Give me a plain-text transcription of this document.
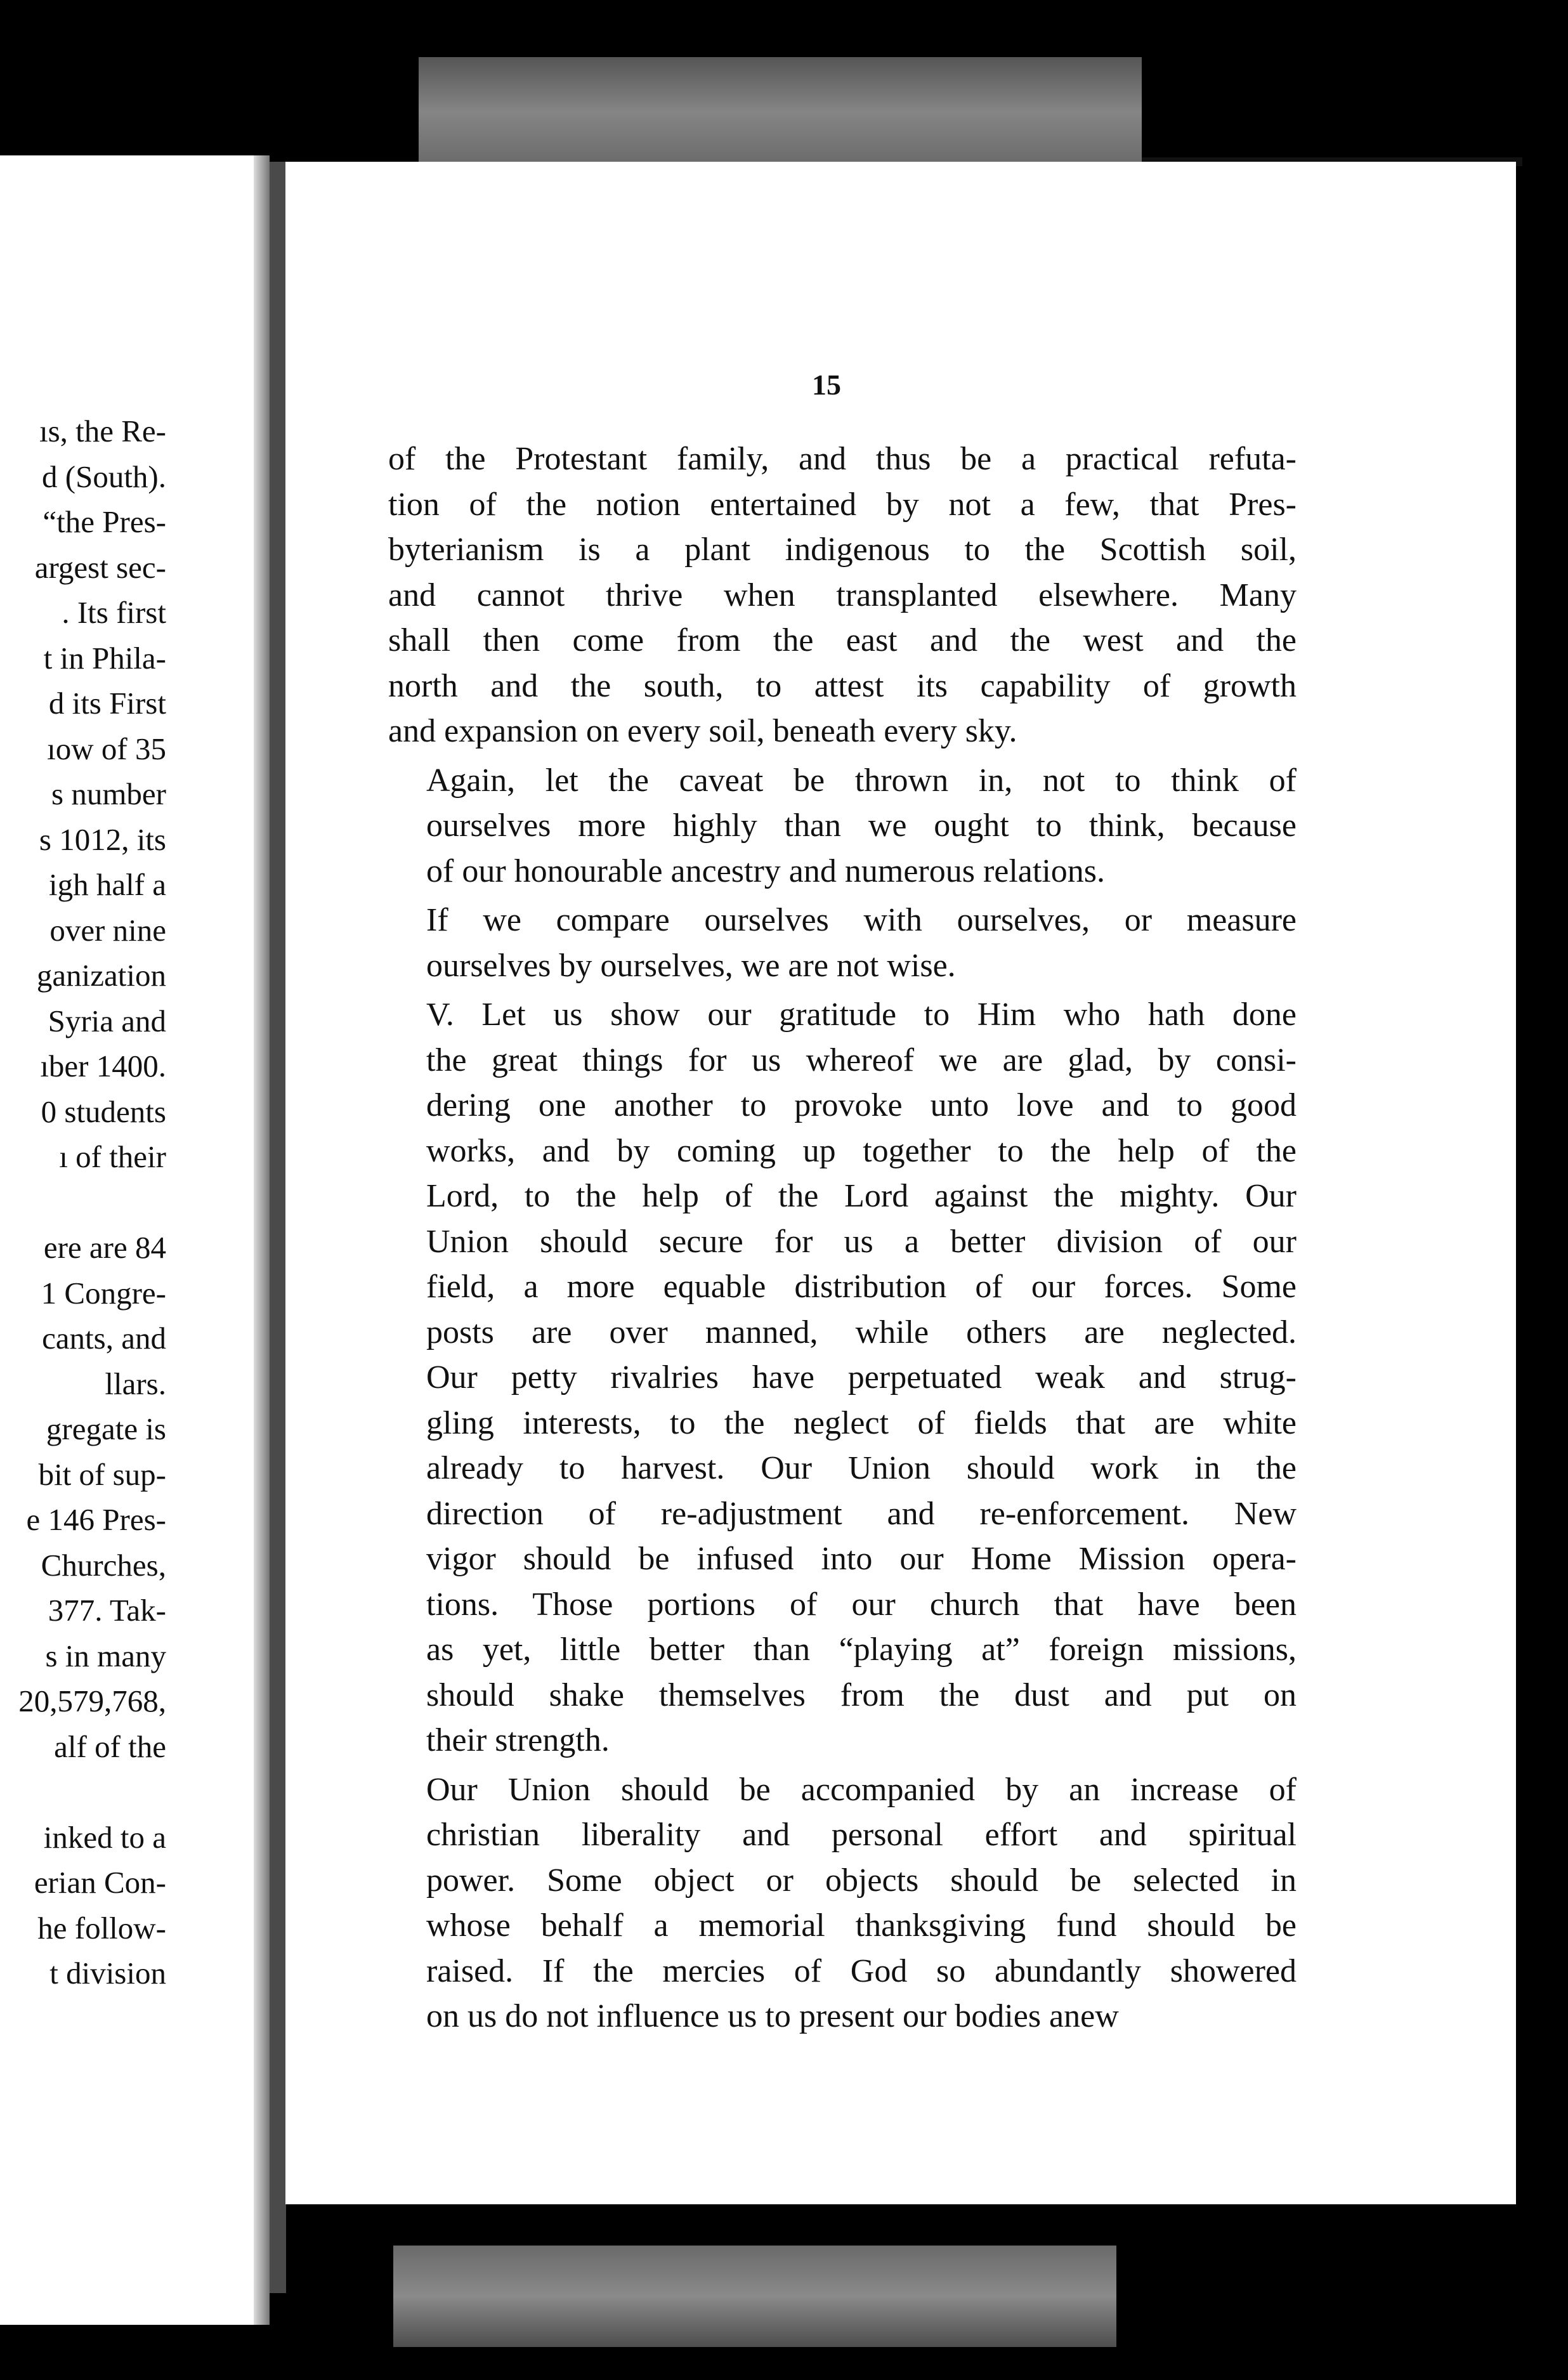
ıs, the Re-
d (South).
“the Pres-
argest sec-
. Its first
t in Phila-
d its First
ıow of 35
s number
s 1012, its
igh half a
over nine
ganization
Syria and
ıber 1400.
0 students
ı of their
ere are 84
1 Congre-
cants, and
llars.
gregate is
bit of sup-
e 146 Pres-
Churches,
377. Tak-
s in many
20,579,768,
alf of the
inked to a
erian Con-
he follow-
t division
15

of the Protestant family, and thus be a practical refuta-
tion of the notion entertained by not a few, that Pres-
byterianism is a plant indigenous to the Scottish soil,
and cannot thrive when transplanted elsewhere. Many
shall then come from the east and the west and the
north and the south, to attest its capability of growth
and expansion on every soil, beneath every sky.

Again, let the caveat be thrown in, not to think of
ourselves more highly than we ought to think, because
of our honourable ancestry and numerous relations.

If we compare ourselves with ourselves, or measure
ourselves by ourselves, we are not wise.

V. Let us show our gratitude to Him who hath done
the great things for us whereof we are glad, by consi-
dering one another to provoke unto love and to good
works, and by coming up together to the help of the
Lord, to the help of the Lord against the mighty. Our
Union should secure for us a better division of our
field, a more equable distribution of our forces. Some
posts are over manned, while others are neglected.
Our petty rivalries have perpetuated weak and strug-
gling interests, to the neglect of fields that are white
already to harvest. Our Union should work in the
direction of re-adjustment and re-enforcement. New
vigor should be infused into our Home Mission opera-
tions. Those portions of our church that have been
as yet, little better than “playing at” foreign missions,
should shake themselves from the dust and put on
their strength.

Our Union should be accompanied by an increase of
christian liberality and personal effort and spiritual
power. Some object or objects should be selected in
whose behalf a memorial thanksgiving fund should be
raised. If the mercies of God so abundantly showered
on us do not influence us to present our bodies anew
